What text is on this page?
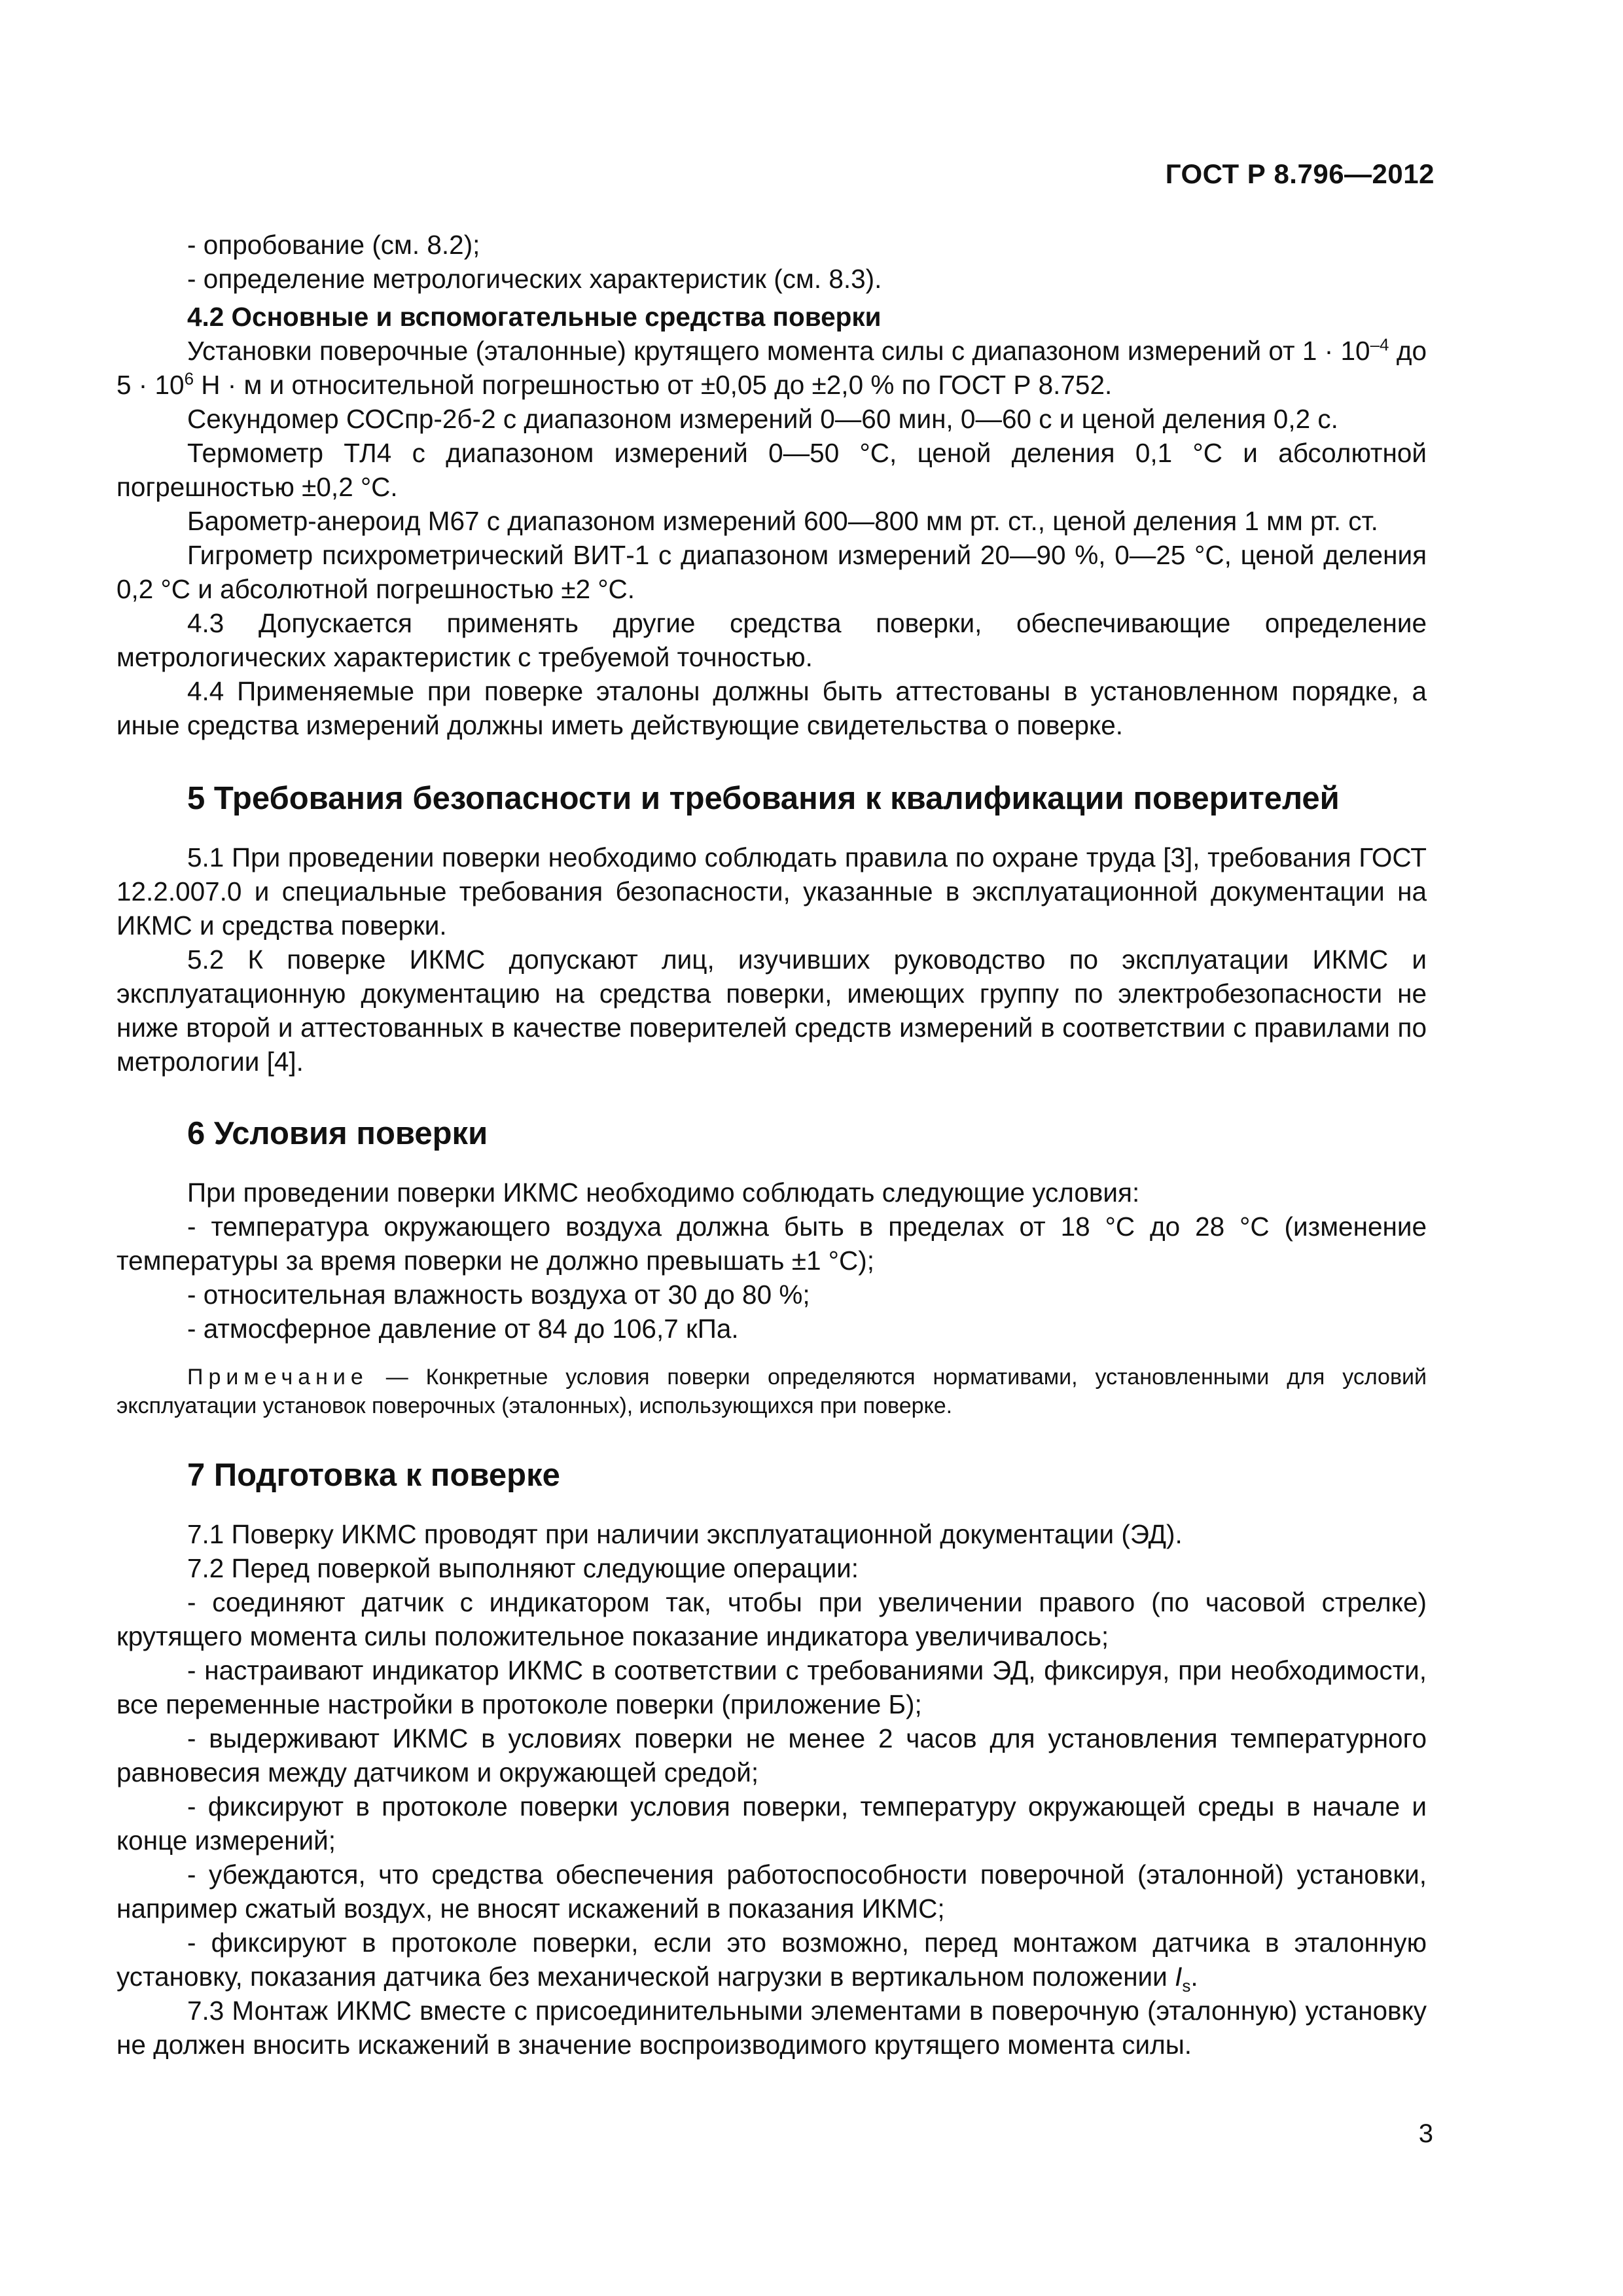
ГОСТ Р 8.796—2012

- опробование (см. 8.2);

- определение метрологических характеристик (см. 8.3).

4.2 Основные и вспомогательные средства поверки

Установки поверочные (эталонные) крутящего момента силы с диапазоном измерений от $1 \cdot 10^{-4}$ до $5 \cdot 10^6$ Н · м и относительной погрешностью от ±0,05 до ±2,0 % по ГОСТ Р 8.752.

Секундомер СОСпр-2б-2 с диапазоном измерений 0—60 мин, 0—60 с и ценой деления 0,2 с.

Термометр ТЛ4 с диапазоном измерений 0—50 °С, ценой деления 0,1 °С и абсолютной погрешностью ±0,2 °С.

Барометр-анероид М67 с диапазоном измерений 600—800 мм рт. ст., ценой деления 1 мм рт. ст.

Гигрометр психрометрический ВИТ-1 с диапазоном измерений 20—90 %, 0—25 °С, ценой деления 0,2 °С и абсолютной погрешностью ±2 °С.

4.3 Допускается применять другие средства поверки, обеспечивающие определение метрологических характеристик с требуемой точностью.

4.4 Применяемые при поверке эталоны должны быть аттестованы в установленном порядке, а иные средства измерений должны иметь действующие свидетельства о поверке.

5 Требования безопасности и требования к квалификации поверителей

5.1 При проведении поверки необходимо соблюдать правила по охране труда [3], требования ГОСТ 12.2.007.0 и специальные требования безопасности, указанные в эксплуатационной документации на ИКМС и средства поверки.

5.2 К поверке ИКМС допускают лиц, изучивших руководство по эксплуатации ИКМС и эксплуатационную документацию на средства поверки, имеющих группу по электробезопасности не ниже второй и аттестованных в качестве поверителей средств измерений в соответствии с правилами по метрологии [4].

6 Условия поверки

При проведении поверки ИКМС необходимо соблюдать следующие условия:

- температура окружающего воздуха должна быть в пределах от 18 °С до 28 °С (изменение температуры за время поверки не должно превышать ±1 °С);

- относительная влажность воздуха от 30 до 80 %;

- атмосферное давление от 84 до 106,7 кПа.

Примечание — Конкретные условия поверки определяются нормативами, установленными для условий эксплуатации установок поверочных (эталонных), использующихся при поверке.

7 Подготовка к поверке

7.1 Поверку ИКМС проводят при наличии эксплуатационной документации (ЭД).

7.2 Перед поверкой выполняют следующие операции:

- соединяют датчик с индикатором так, чтобы при увеличении правого (по часовой стрелке) крутящего момента силы положительное показание индикатора увеличивалось;

- настраивают индикатор ИКМС в соответствии с требованиями ЭД, фиксируя, при необходимости, все переменные настройки в протоколе поверки (приложение Б);

- выдерживают ИКМС в условиях поверки не менее 2 часов для установления температурного равновесия между датчиком и окружающей средой;

- фиксируют в протоколе поверки условия поверки, температуру окружающей среды в начале и конце измерений;

- убеждаются, что средства обеспечения работоспособности поверочной (эталонной) установки, например сжатый воздух, не вносят искажений в показания ИКМС;

- фиксируют в протоколе поверки, если это возможно, перед монтажом датчика в эталонную установку, показания датчика без механической нагрузки в вертикальном положении $I_s$.

7.3 Монтаж ИКМС вместе с присоединительными элементами в поверочную (эталонную) установку не должен вносить искажений в значение воспроизводимого крутящего момента силы.

3
